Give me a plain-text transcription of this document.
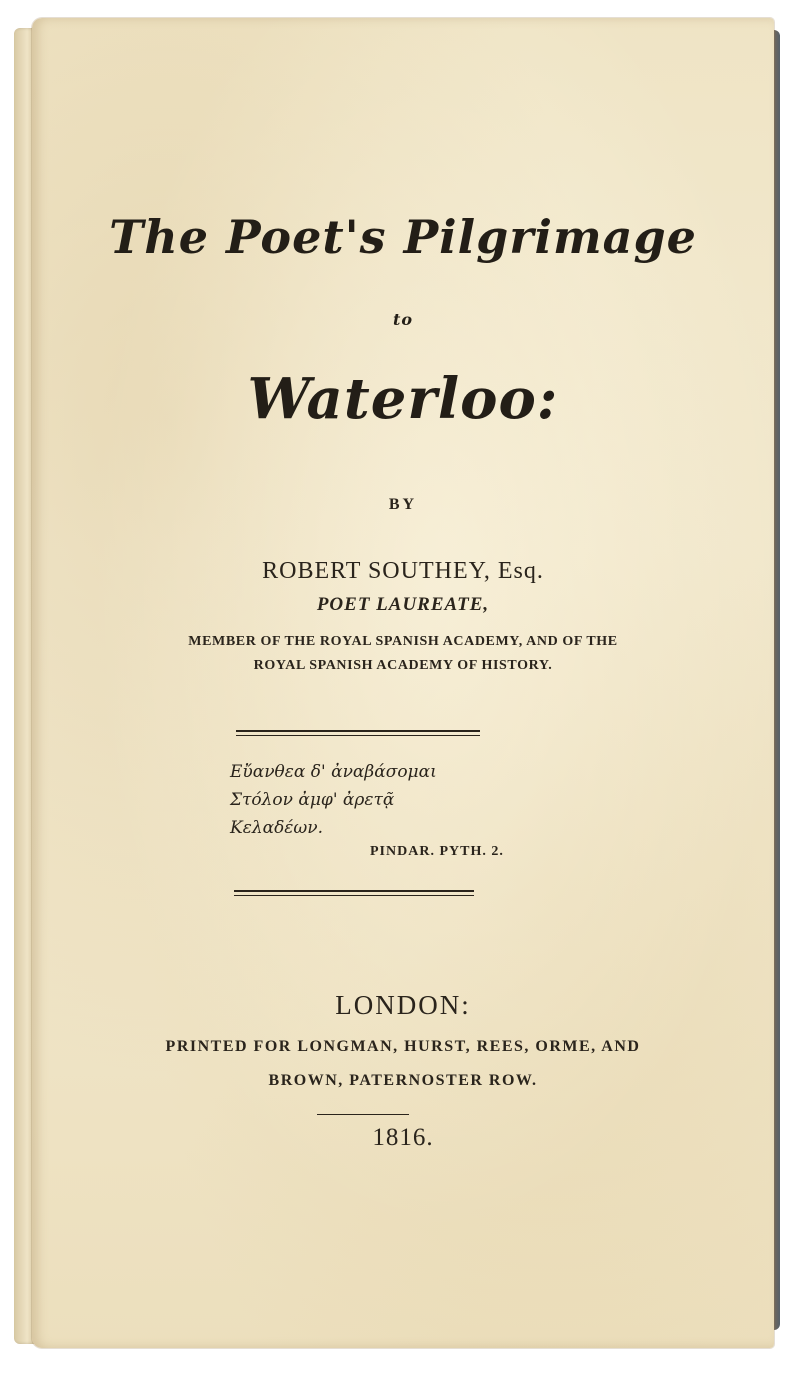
The Poet's Pilgrimage

to

Waterloo:

BY

ROBERT SOUTHEY, Esq.

POET LAUREATE,

MEMBER OF THE ROYAL SPANISH ACADEMY, AND OF THE
ROYAL SPANISH ACADEMY OF HISTORY.
Εὔανθεα δ' ἀναβάσομαι
Στόλον ἀμφ' ἀρετᾷ
Κελαδέων.
PINDAR. PYTH. 2.

LONDON:

PRINTED FOR LONGMAN, HURST, REES, ORME, AND
BROWN, PATERNOSTER ROW.

1816.
